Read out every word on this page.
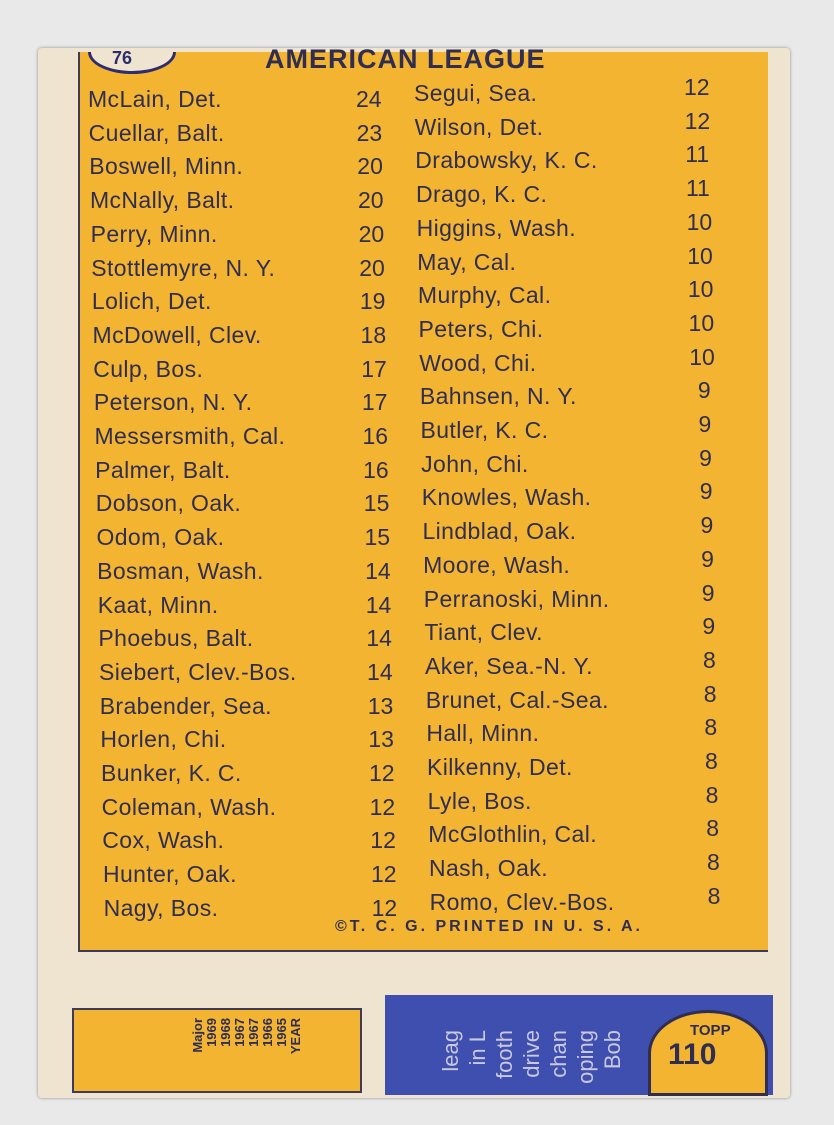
76	AMERICAN LEAGUE
McLain, Det.	24
Cuellar, Balt.	23
Boswell, Minn.	20
McNally, Balt.	20
Perry, Minn.	20
Stottlemyre, N. Y.	20
Lolich, Det.	19
McDowell, Clev.	18
Culp, Bos.	17
Peterson, N. Y.	17
Messersmith, Cal.	16
Palmer, Balt.	16
Dobson, Oak.	15
Odom, Oak.	15
Bosman, Wash.	14
Kaat, Minn.	14
Phoebus, Balt.	14
Siebert, Clev.-Bos.	14
Brabender, Sea.	13
Horlen, Chi.	13
Bunker, K. C.	12
Coleman, Wash.	12
Cox, Wash.	12
Hunter, Oak.	12
Nagy, Bos.	12
Segui, Sea.	12
Wilson, Det.	12
Drabowsky, K. C.	11
Drago, K. C.	11
Higgins, Wash.	10
May, Cal.	10
Murphy, Cal.	10
Peters, Chi.	10
Wood, Chi.	10
Bahnsen, N. Y.	9
Butler, K. C.	9
John, Chi.	9
Knowles, Wash.	9
Lindblad, Oak.	9
Moore, Wash.	9
Perranoski, Minn.	9
Tiant, Clev.	9
Aker, Sea.-N. Y.	8
Brunet, Cal.-Sea.	8
Hall, Minn.	8
Kilkenny, Det.	8
Lyle, Bos.	8
McGlothlin, Cal.	8
Nash, Oak.	8
Romo, Clev.-Bos.	8
©T. C. G. PRINTED IN U. S. A.
YEAR
1965
1966
1967
1967
1968
1969
Major	Bob
oping
chan
drive
footh
in L
leag	TOPP
110
